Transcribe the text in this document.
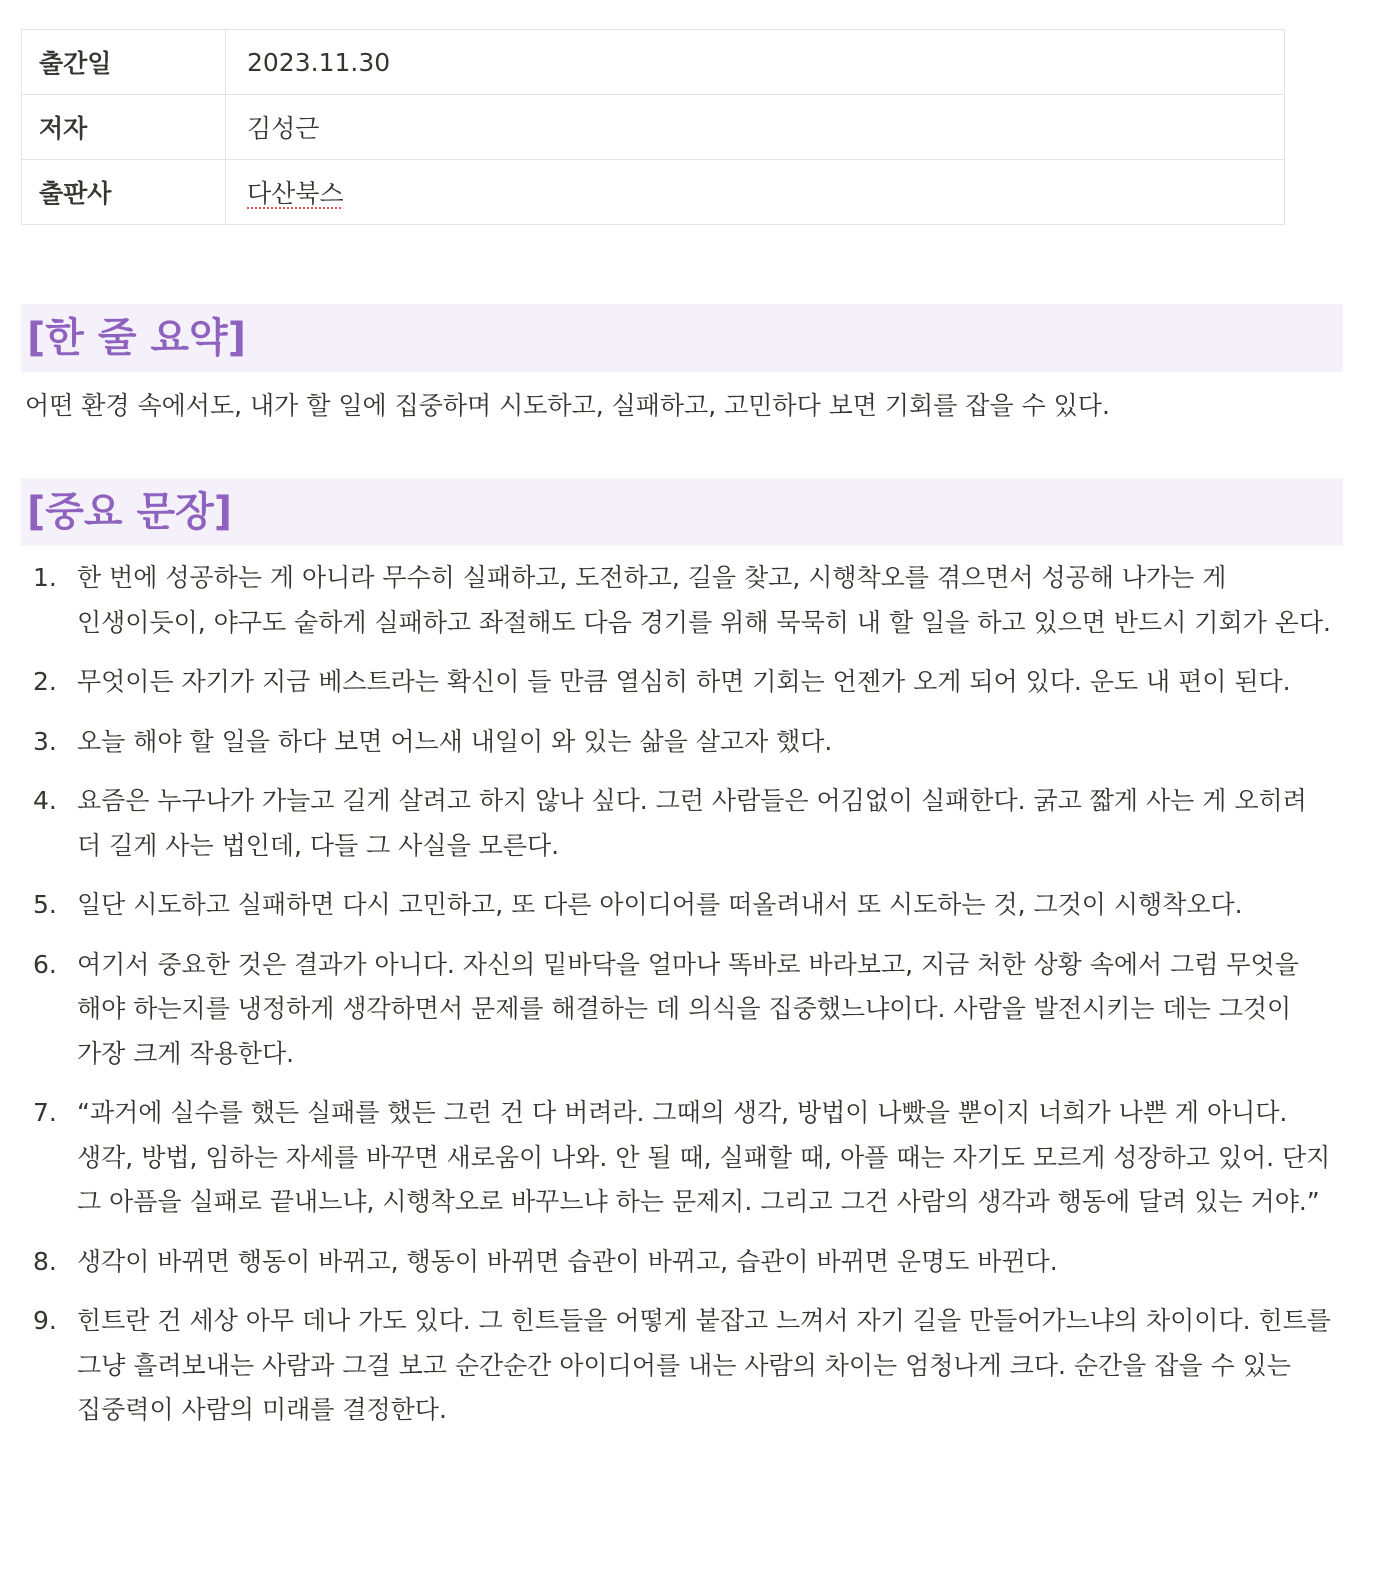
출간일	2023.11.30
저자	김성근
출판사	다산북스
[한 줄 요약]
어떤 환경 속에서도, 내가 할 일에 집중하며 시도하고, 실패하고, 고민하다 보면 기회를 잡을 수 있다.
[중요 문장]
1. 한 번에 성공하는 게 아니라 무수히 실패하고, 도전하고, 길을 찾고, 시행착오를 겪으면서 성공해 나가는 게 인생이듯이, 야구도 숱하게 실패하고 좌절해도 다음 경기를 위해 묵묵히 내 할 일을 하고 있으면 반드시 기회가 온다.
2. 무엇이든 자기가 지금 베스트라는 확신이 들 만큼 열심히 하면 기회는 언젠가 오게 되어 있다. 운도 내 편이 된다.
3. 오늘 해야 할 일을 하다 보면 어느새 내일이 와 있는 삶을 살고자 했다.
4. 요즘은 누구나가 가늘고 길게 살려고 하지 않나 싶다. 그런 사람들은 어김없이 실패한다. 굵고 짧게 사는 게 오히려 더 길게 사는 법인데, 다들 그 사실을 모른다.
5. 일단 시도하고 실패하면 다시 고민하고, 또 다른 아이디어를 떠올려내서 또 시도하는 것, 그것이 시행착오다.
6. 여기서 중요한 것은 결과가 아니다. 자신의 밑바닥을 얼마나 똑바로 바라보고, 지금 처한 상황 속에서 그럼 무엇을 해야 하는지를 냉정하게 생각하면서 문제를 해결하는 데 의식을 집중했느냐이다. 사람을 발전시키는 데는 그것이 가장 크게 작용한다.
7. “과거에 실수를 했든 실패를 했든 그런 건 다 버려라. 그때의 생각, 방법이 나빴을 뿐이지 너희가 나쁜 게 아니다. 생각, 방법, 임하는 자세를 바꾸면 새로움이 나와. 안 될 때, 실패할 때, 아플 때는 자기도 모르게 성장하고 있어. 단지 그 아픔을 실패로 끝내느냐, 시행착오로 바꾸느냐 하는 문제지. 그리고 그건 사람의 생각과 행동에 달려 있는 거야.”
8. 생각이 바뀌면 행동이 바뀌고, 행동이 바뀌면 습관이 바뀌고, 습관이 바뀌면 운명도 바뀐다.
9. 힌트란 건 세상 아무 데나 가도 있다. 그 힌트들을 어떻게 붙잡고 느껴서 자기 길을 만들어가느냐의 차이이다. 힌트를 그냥 흘려보내는 사람과 그걸 보고 순간순간 아이디어를 내는 사람의 차이는 엄청나게 크다. 순간을 잡을 수 있는 집중력이 사람의 미래를 결정한다.
